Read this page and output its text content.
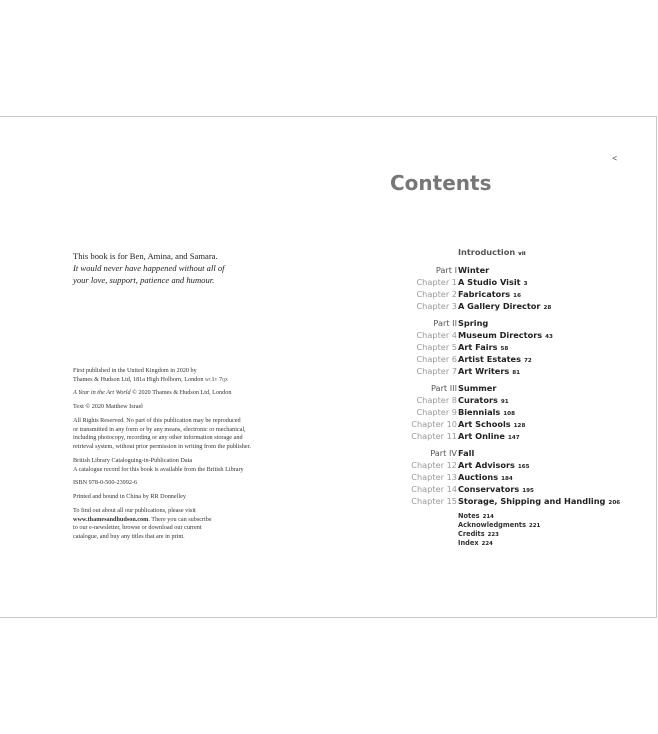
This book is for Ben, Amina, and Samara.
It would never have happened without all of
your love, support, patience and humour.

First published in the United Kingdom in 2020 by
Thames & Hudson Ltd, 181a High Holborn, London wc1v 7qx

A Year in the Art World © 2020 Thames & Hudson Ltd, London

Text © 2020 Matthew Israel

All Rights Reserved. No part of this publication may be reproduced
or transmitted in any form or by any means, electronic or mechanical,
including photocopy, recording or any other information storage and
retrieval system, without prior permission in writing from the publisher.

British Library Cataloguing-in-Publication Data
A catalogue record for this book is available from the British Library

ISBN 978-0-500-23992-6

Printed and bound in China by RR Donnelley

To find out about all our publications, please visit
www.thamesandhudson.com. There you can subscribe
to our e-newsletter, browse or download our current
catalogue, and buy any titles that are in print.

<
Contents
Introduction vii
Part I Winter
Chapter 1 A Studio Visit 3
Chapter 2 Fabricators 16
Chapter 3 A Gallery Director 28
Part II Spring
Chapter 4 Museum Directors 43
Chapter 5 Art Fairs 58
Chapter 6 Artist Estates 72
Chapter 7 Art Writers 81
Part III Summer
Chapter 8 Curators 91
Chapter 9 Biennials 108
Chapter 10 Art Schools 128
Chapter 11 Art Online 147
Part IV Fall
Chapter 12 Art Advisors 165
Chapter 13 Auctions 184
Chapter 14 Conservators 195
Chapter 15 Storage, Shipping and Handling 206
Notes 214
Acknowledgments 221
Credits 223
Index 224
